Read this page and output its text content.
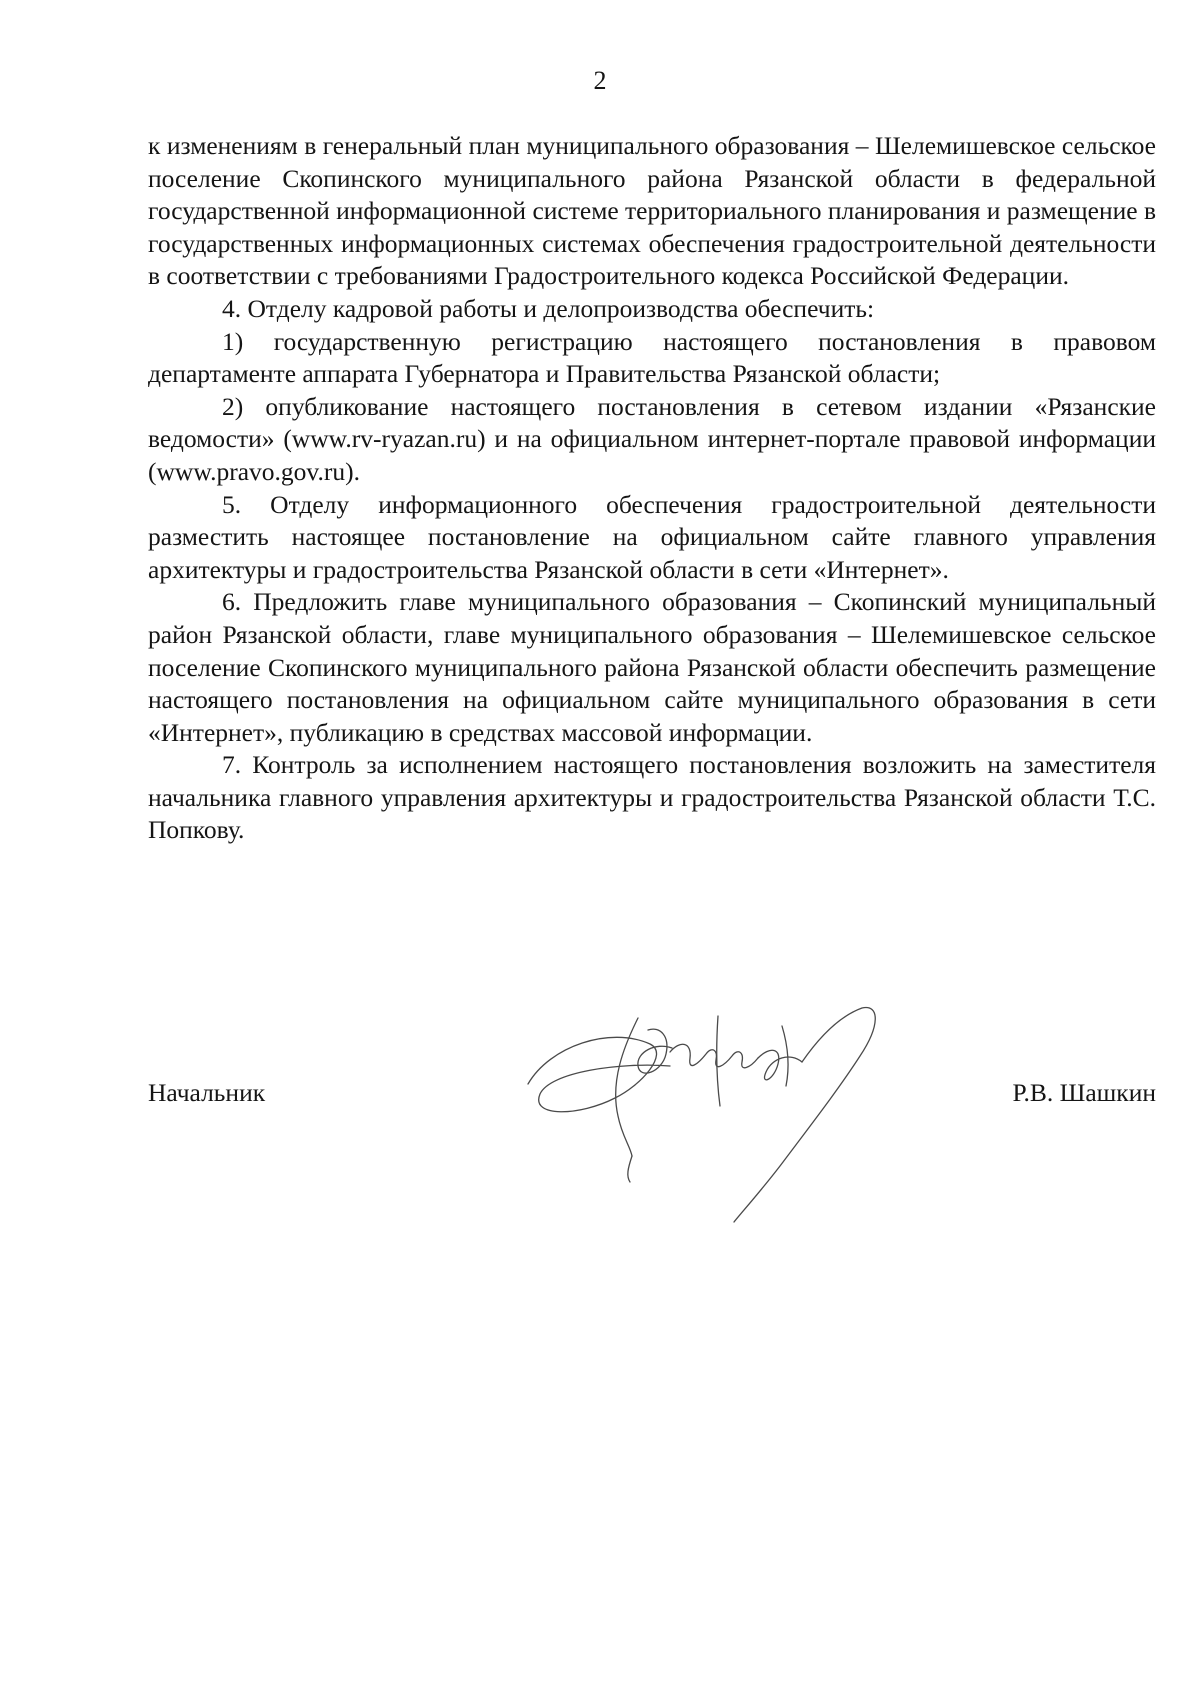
2

к изменениям в генеральный план муниципального образования – Шелемишевское сельское поселение Скопинского муниципального района Рязанской области в федеральной государственной информационной системе территориального планирования и размещение в государственных информационных системах обеспечения градостроительной деятельности в соответствии с требованиями Градостроительного кодекса Российской Федерации.

4. Отделу кадровой работы и делопроизводства обеспечить:

1) государственную регистрацию настоящего постановления в правовом департаменте аппарата Губернатора и Правительства Рязанской области;

2) опубликование настоящего постановления в сетевом издании «Рязанские ведомости» (www.rv-ryazan.ru) и на официальном интернет-портале правовой информации (www.pravo.gov.ru).

5. Отделу информационного обеспечения градостроительной деятельности разместить настоящее постановление на официальном сайте главного управления архитектуры и градостроительства Рязанской области в сети «Интернет».

6. Предложить главе муниципального образования – Скопинский муниципальный район Рязанской области, главе муниципального образования – Шелемишевское сельское поселение Скопинского муниципального района Рязанской области обеспечить размещение настоящего постановления на официальном сайте муниципального образования в сети «Интернет», публикацию в средствах массовой информации.

7. Контроль за исполнением настоящего постановления возложить на заместителя начальника главного управления архитектуры и градостроительства Рязанской области Т.С. Попкову.

Начальник	Р.В. Шашкин
